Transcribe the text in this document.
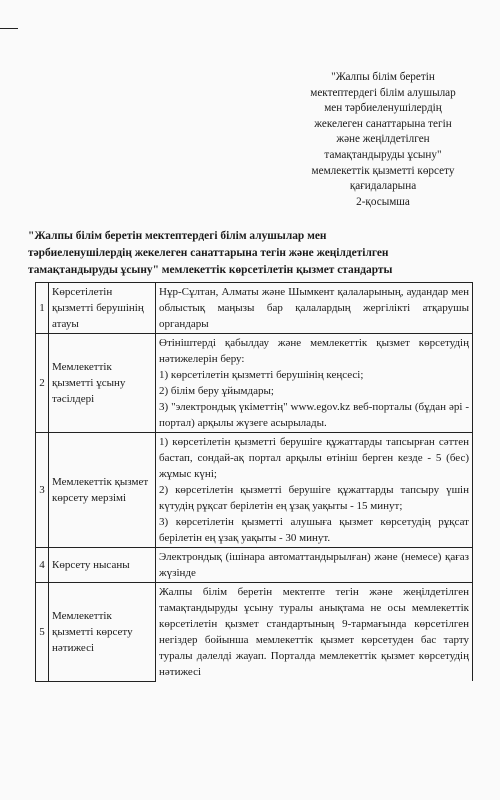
"Жалпы білім беретін
мектептердегі білім алушылар
мен тәрбиеленушілердің
жекелеген санаттарына тегін
және жеңілдетілген
тамақтандыруды ұсыну"
мемлекеттік қызметті көрсету
қағидаларына
2-қосымша
"Жалпы білім беретін мектептердегі білім алушылар мен
тәрбиеленушілердің жекелеген санаттарына тегін және жеңілдетілген
тамақтандыруды ұсыну" мемлекеттік көрсетілетін қызмет стандарты
1	Көрсетілетін қызметті берушінің атауы	Нұр-Сұлтан, Алматы және Шымкент қалаларының, аудандар мен облыстық маңызы бар қалалардың жергілікті атқарушы органдары

2	Мемлекеттік қызметті ұсыну тәсілдері	Өтініштерді қабылдау және мемлекеттік қызмет көрсетудің нәтижелерін беру:
1) көрсетілетін қызметті берушінің кеңсесі;
2) білім беру ұйымдары;
3) "электрондық үкіметтің" www.egov.kz веб-порталы (бұдан әрі - портал) арқылы жүзеге асырылады.

3	Мемлекеттік қызмет көрсету мерзімі	1) көрсетілетін қызметті берушіге құжаттарды тапсырған сәттен бастап, сондай-ақ портал арқылы өтініш берген кезде - 5 (бес) жұмыс күні;
2) көрсетілетін қызметті берушіге құжаттарды тапсыру үшін күтудің рұқсат берілетін ең ұзақ уақыты - 15 минут;
3) көрсетілетін қызметті алушыға қызмет көрсетудің рұқсат берілетін ең ұзақ уақыты - 30 минут.

4	Көрсету нысаны	Электрондық (ішінара автоматтандырылған) және (немесе) қағаз жүзінде

5	Мемлекеттік қызметті көрсету нәтижесі	Жалпы білім беретін мектепте тегін және жеңілдетілген тамақтандыруды ұсыну туралы анықтама не осы мемлекеттік көрсетілетін қызмет стандартының 9-тармағында көрсетілген негіздер бойынша мемлекеттік қызмет көрсетуден бас тарту туралы дәлелді жауап. Порталда мемлекеттік қызмет көрсетудің нәтижесі
